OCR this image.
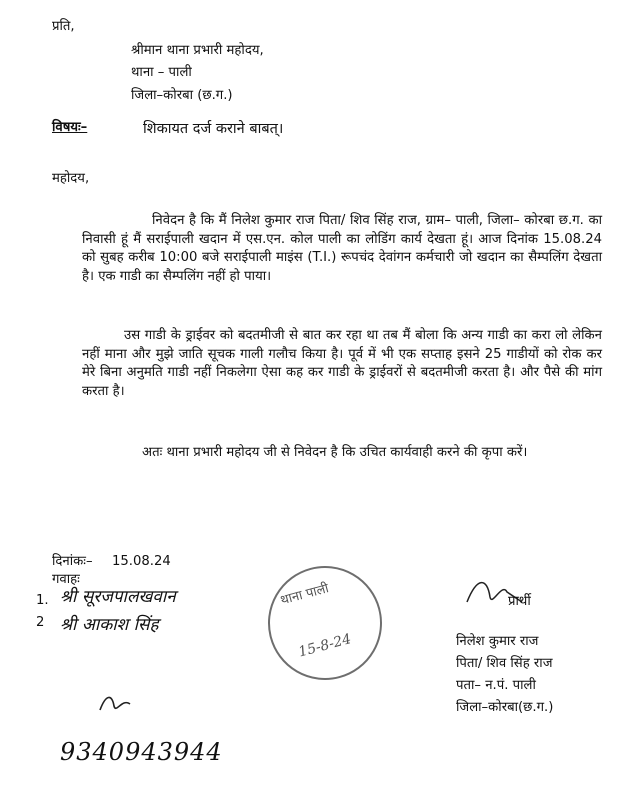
प्रति,
श्रीमान थाना प्रभारी महोदय,
थाना – पाली
जिला–कोरबा (छ.ग.)
विषयः–	शिकायत दर्ज कराने बाबत्।
महोदय,
निवेदन है कि मैं निलेश कुमार राज पिता/ शिव सिंह राज, ग्राम– पाली, जिला– कोरबा छ.ग. का निवासी हूं मैं सराईपाली खदान में एस.एन. कोल पाली का लोडिंग कार्य देखता हूं। आज दिनांक 15.08.24 को सुबह करीब 10:00 बजे सराईपाली माइंस (T.I.) रूपचंद देवांगन कर्मचारी जो खदान का सैम्पलिंग देखता है। एक गाडी का सैम्पलिंग नहीं हो पाया।
उस गाडी के ड्राईवर को बदतमीजी से बात कर रहा था तब मैं बोला कि अन्य गाडी का करा लो लेकिन नहीं माना और मुझे जाति सूचक गाली गलौच किया है। पूर्व में भी एक सप्ताह इसने 25 गाडीयों को रोक कर मेरे बिना अनुमति गाडी नहीं निकलेगा ऐसा कह कर गाडी के ड्राईवरों से बदतमीजी करता है। और पैसे की मांग करता है।
अतः थाना प्रभारी महोदय जी से निवेदन है कि उचित कार्यवाही करने की कृपा करें।
दिनांकः– 15.08.24
गवाहः
1. श्री सूरजपालखवान
2 श्री आकाश सिंह
थाना पाली
15-8-24
प्रार्थी
निलेश कुमार राज
पिता/ शिव सिंह राज
पता– न.पं. पाली
जिला–कोरबा(छ.ग.)
9340943944
